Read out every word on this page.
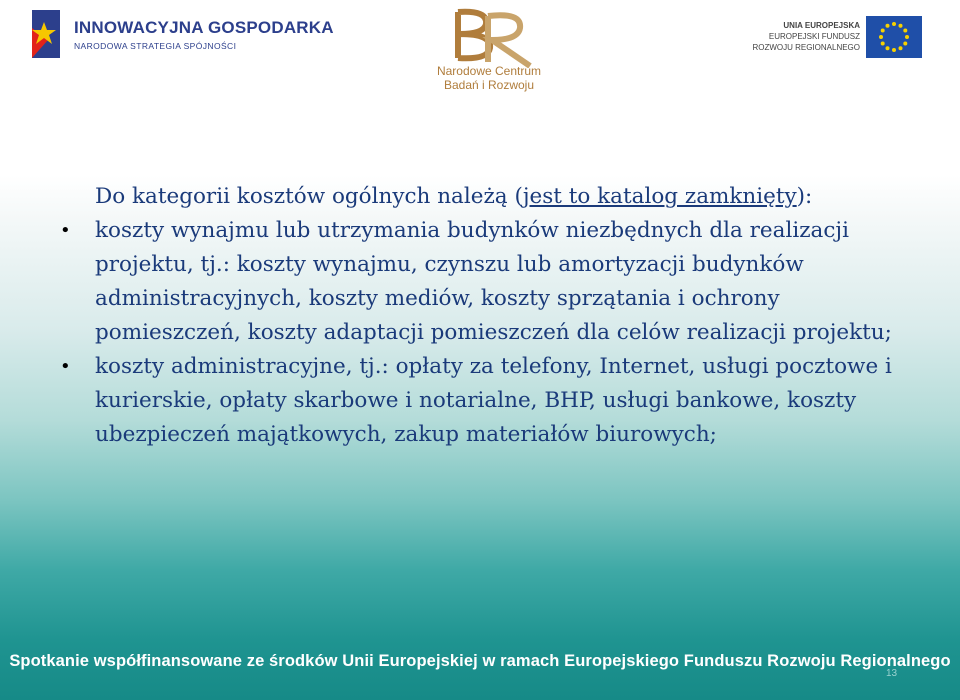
INNOWACYJNA GOSPODARKA
NARODOWA STRATEGIA SPÓJNOŚCI
Narodowe Centrum
Badań i Rozwoju
UNIA EUROPEJSKA
EUROPEJSKI FUNDUSZ
ROZWOJU REGIONALNEGO
Do kategorii kosztów ogólnych należą (jest to katalog zamknięty):
•	koszty wynajmu lub utrzymania budynków niezbędnych dla realizacji projektu, tj.: koszty wynajmu, czynszu lub amortyzacji budynków administracyjnych, koszty mediów, koszty sprzątania i ochrony pomieszczeń, koszty adaptacji pomieszczeń dla celów realizacji projektu;
•	koszty administracyjne, tj.: opłaty za telefony, Internet, usługi pocztowe i kurierskie, opłaty skarbowe i notarialne, BHP, usługi bankowe, koszty ubezpieczeń majątkowych, zakup materiałów biurowych;
Spotkanie współfinansowane ze środków Unii Europejskiej w ramach Europejskiego Funduszu Rozwoju Regionalnego
13
